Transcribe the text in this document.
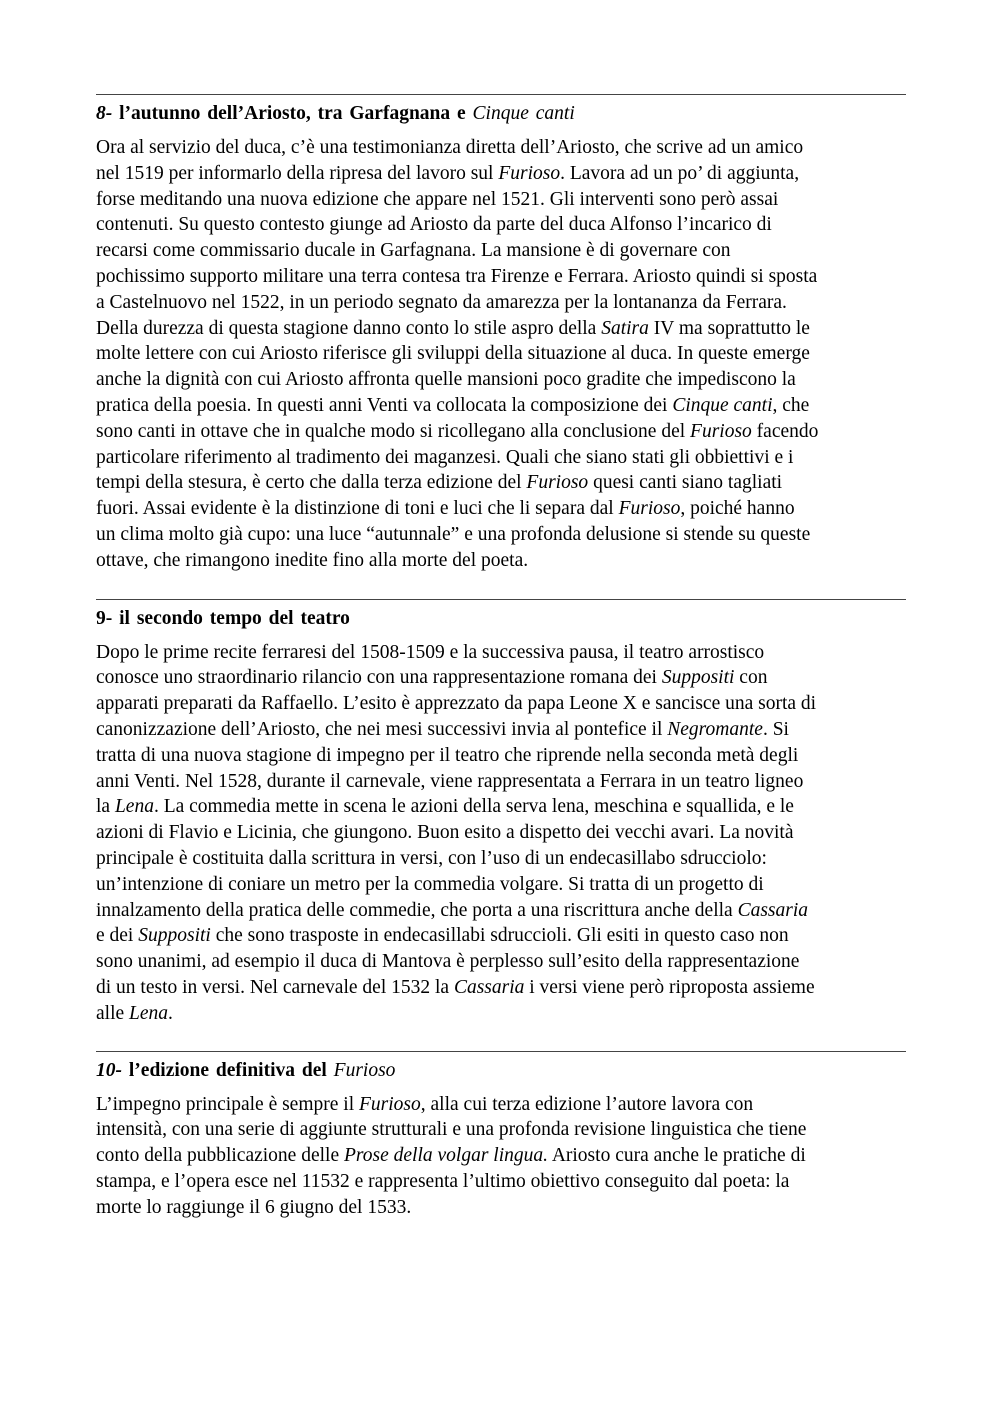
8- l’autunno dell’Ariosto, tra Garfagnana e Cinque canti
Ora al servizio del duca, c’è una testimonianza diretta dell’Ariosto, che scrive ad un amico
nel 1519 per informarlo della ripresa del lavoro sul Furioso. Lavora ad un po’ di aggiunta,
forse meditando una nuova edizione che appare nel 1521. Gli interventi sono però assai
contenuti. Su questo contesto giunge ad Ariosto da parte del duca Alfonso l’incarico di
recarsi come commissario ducale in Garfagnana. La mansione è di governare con
pochissimo supporto militare una terra contesa tra Firenze e Ferrara. Ariosto quindi si sposta
a Castelnuovo nel 1522, in un periodo segnato da amarezza per la lontananza da Ferrara.
Della durezza di questa stagione danno conto lo stile aspro della Satira IV ma soprattutto le
molte lettere con cui Ariosto riferisce gli sviluppi della situazione al duca. In queste emerge
anche la dignità con cui Ariosto affronta quelle mansioni poco gradite che impediscono la
pratica della poesia. In questi anni Venti va collocata la composizione dei Cinque canti, che
sono canti in ottave che in qualche modo si ricollegano alla conclusione del Furioso facendo
particolare riferimento al tradimento dei maganzesi. Quali che siano stati gli obbiettivi e i
tempi della stesura, è certo che dalla terza edizione del Furioso quesi canti siano tagliati
fuori. Assai evidente è la distinzione di toni e luci che li separa dal Furioso, poiché hanno
un clima molto già cupo: una luce “autunnale” e una profonda delusione si stende su queste
ottave, che rimangono inedite fino alla morte del poeta.
9- il secondo tempo del teatro
Dopo le prime recite ferraresi del 1508-1509 e la successiva pausa, il teatro arrostisco
conosce uno straordinario rilancio con una rappresentazione romana dei Suppositi con
apparati preparati da Raffaello. L’esito è apprezzato da papa Leone X e sancisce una sorta di
canonizzazione dell’Ariosto, che nei mesi successivi invia al pontefice il Negromante. Si
tratta di una nuova stagione di impegno per il teatro che riprende nella seconda metà degli
anni Venti. Nel 1528, durante il carnevale, viene rappresentata a Ferrara in un teatro ligneo
la Lena. La commedia mette in scena le azioni della serva lena, meschina e squallida, e le
azioni di Flavio e Licinia, che giungono. Buon esito a dispetto dei vecchi avari. La novità
principale è costituita dalla scrittura in versi, con l’uso di un endecasillabo sdrucciolo:
un’intenzione di coniare un metro per la commedia volgare. Si tratta di un progetto di
innalzamento della pratica delle commedie, che porta a una riscrittura anche della Cassaria
e dei Suppositi che sono trasposte in endecasillabi sdruccioli. Gli esiti in questo caso non
sono unanimi, ad esempio il duca di Mantova è perplesso sull’esito della rappresentazione
di un testo in versi. Nel carnevale del 1532 la Cassaria i versi viene però riproposta assieme
alle Lena.
10- l’edizione definitiva del Furioso
L’impegno principale è sempre il Furioso, alla cui terza edizione l’autore lavora con
intensità, con una serie di aggiunte strutturali e una profonda revisione linguistica che tiene
conto della pubblicazione delle Prose della volgar lingua. Ariosto cura anche le pratiche di
stampa, e l’opera esce nel 11532 e rappresenta l’ultimo obiettivo conseguito dal poeta: la
morte lo raggiunge il 6 giugno del 1533.
